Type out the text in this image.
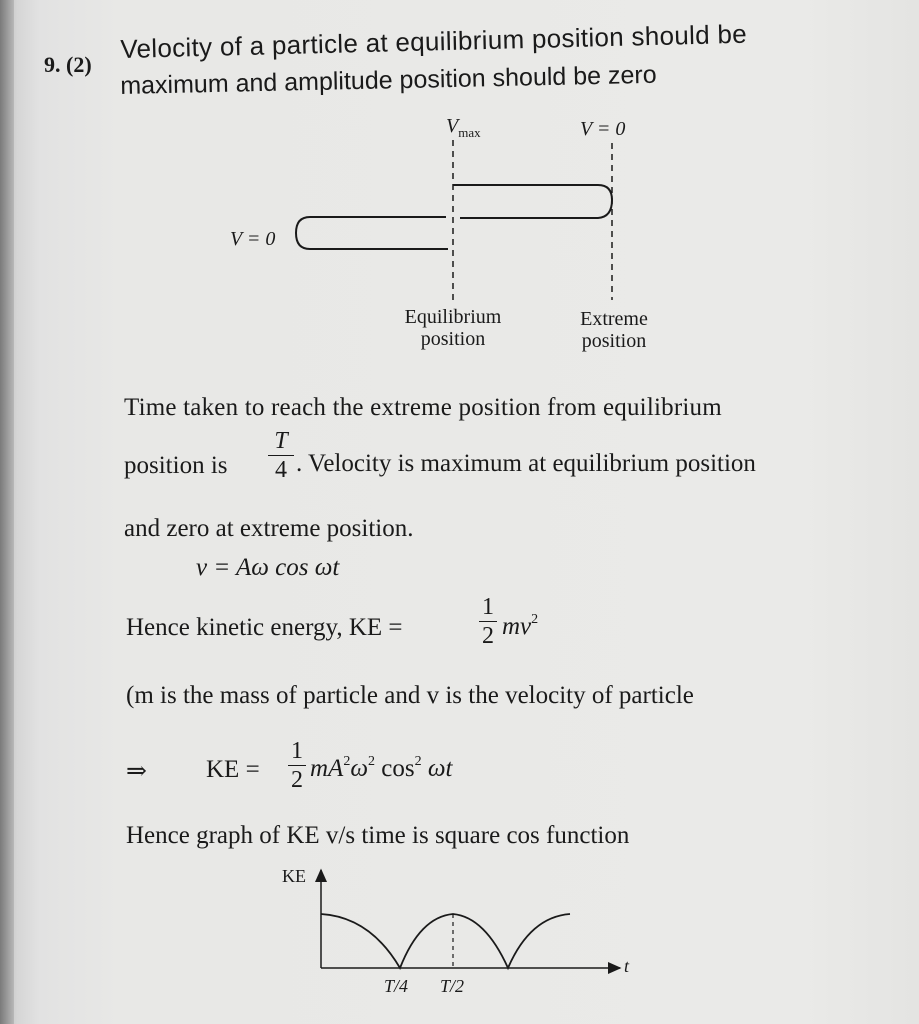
9. (2)
Velocity of a particle at equilibrium position should be
maximum and amplitude position should be zero
$V_{max}$	V = 0
V = 0
Equilibrium
position
Extreme
position
Time taken to reach the extreme position from equilibrium
position is
T
4 . Velocity is maximum at equilibrium position
and zero at extreme position.
v = Aω cos ωt
Hence kinetic energy, KE =
1
2 $mv^2$
(m is the mass of particle and v is the velocity of particle
⇒ KE =
1
2 $mA^2\omega^2$ $\cos^2 \omega t$
Hence graph of KE v/s time is square cos function
KE
t
T/4 T/2
